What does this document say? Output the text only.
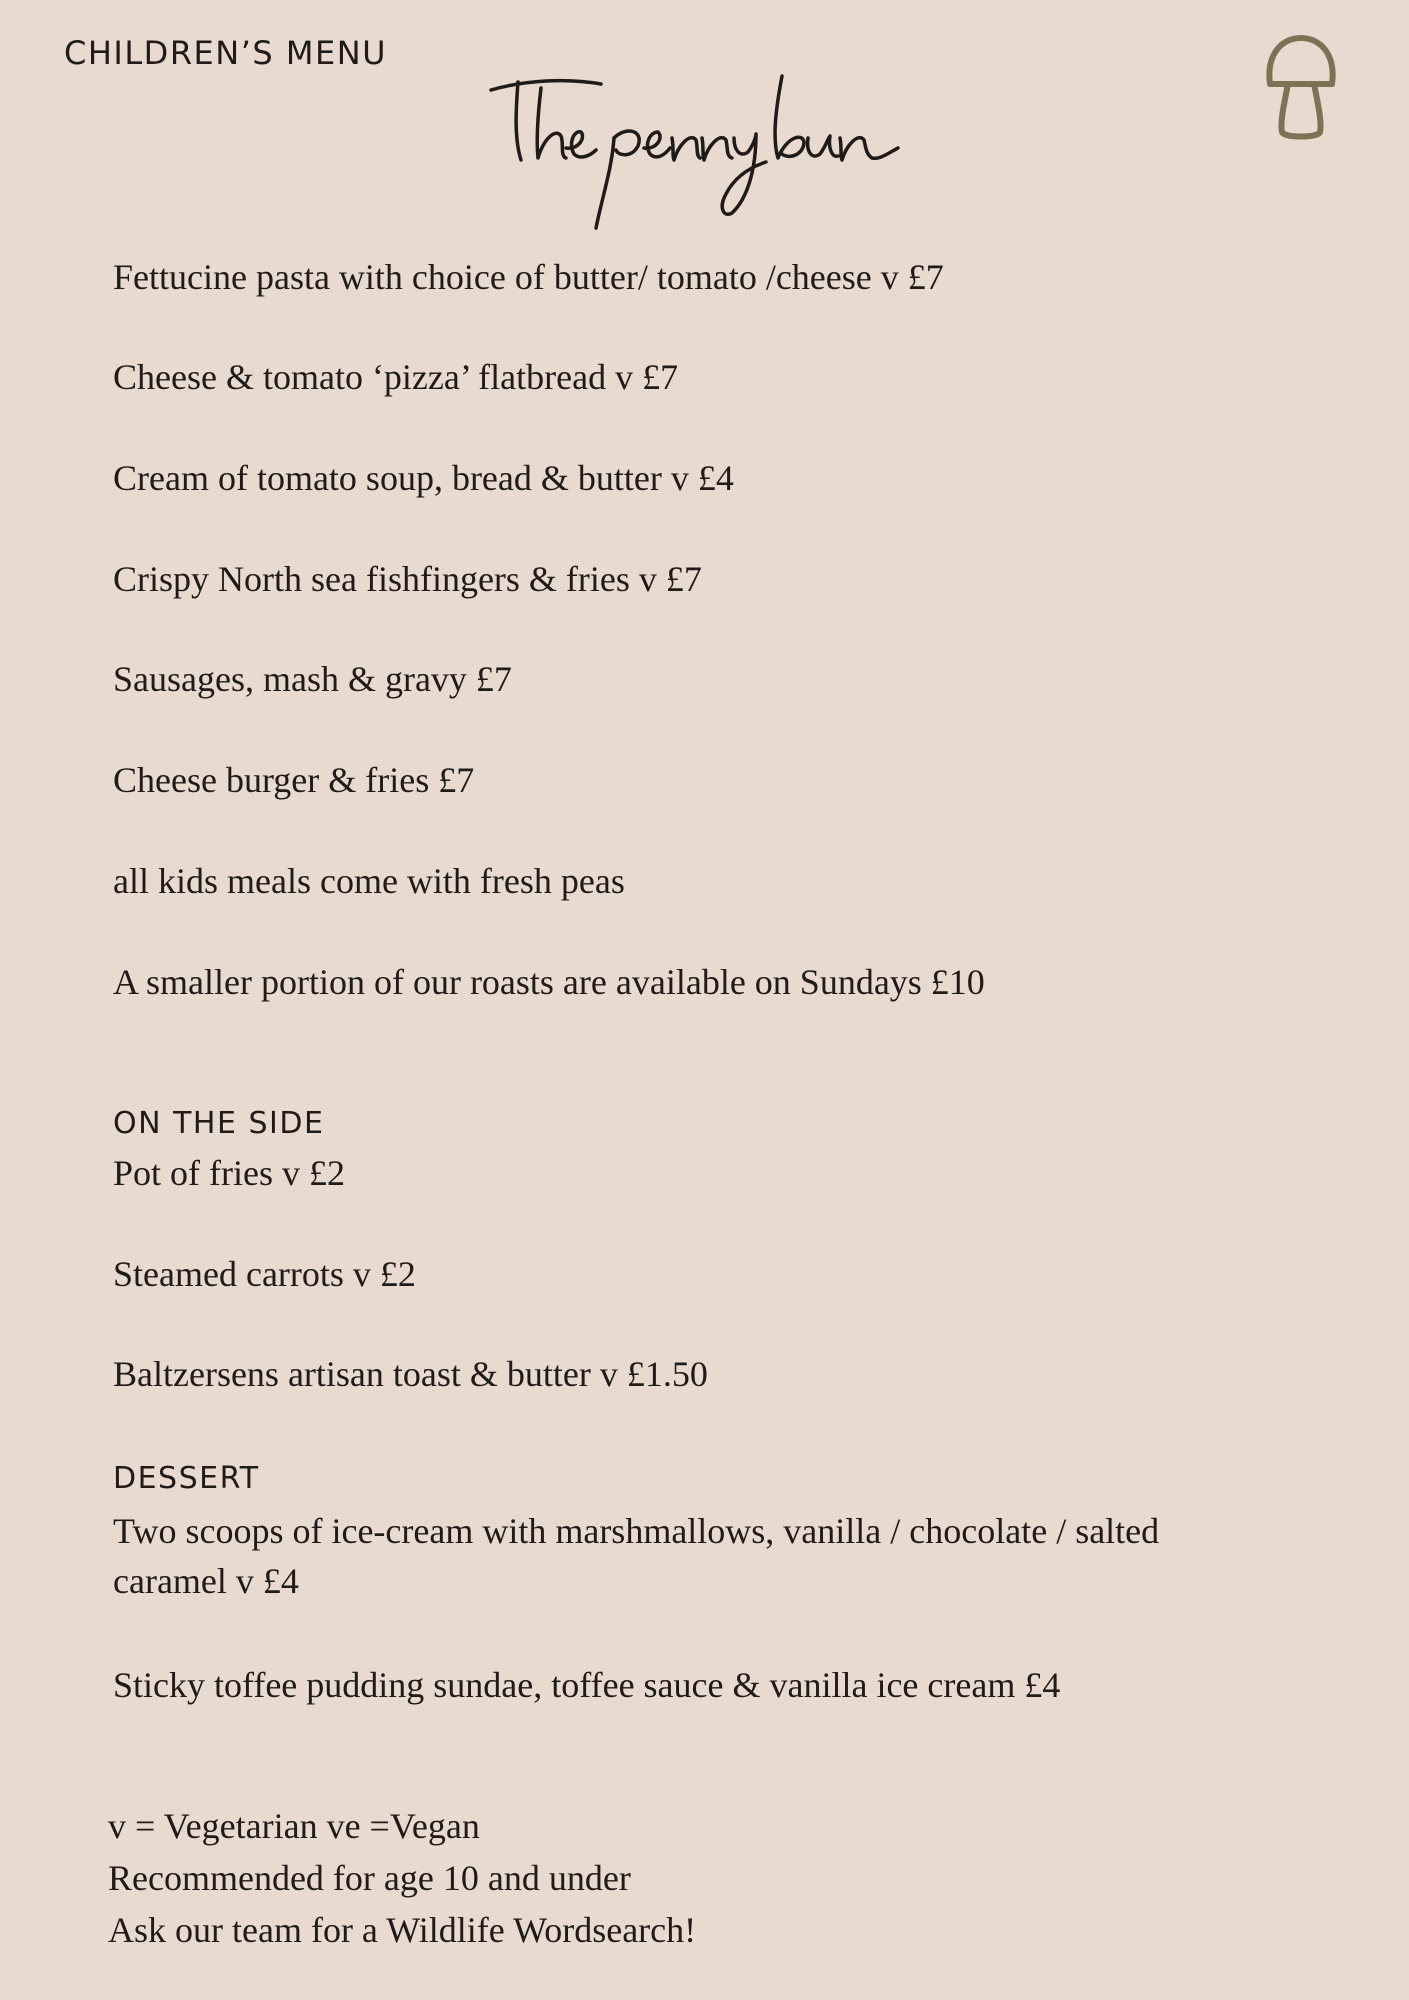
CHILDREN’S MENU
Fettucine pasta with choice of butter/ tomato /cheese v £7
Cheese & tomato ‘pizza’ flatbread v £7
Cream of tomato soup, bread & butter v £4
Crispy North sea fishfingers & fries v £7
Sausages, mash & gravy £7
Cheese burger & fries £7
all kids meals come with fresh peas
A smaller portion of our roasts are available on Sundays £10
ON THE SIDE
Pot of fries v £2
Steamed carrots v £2
Baltzersens artisan toast & butter v £1.50
DESSERT
Two scoops of ice-cream with marshmallows, vanilla / chocolate / salted caramel v £4
Sticky toffee pudding sundae, toffee sauce & vanilla ice cream £4
v = Vegetarian ve =Vegan
Recommended for age 10 and under
Ask our team for a Wildlife Wordsearch!
